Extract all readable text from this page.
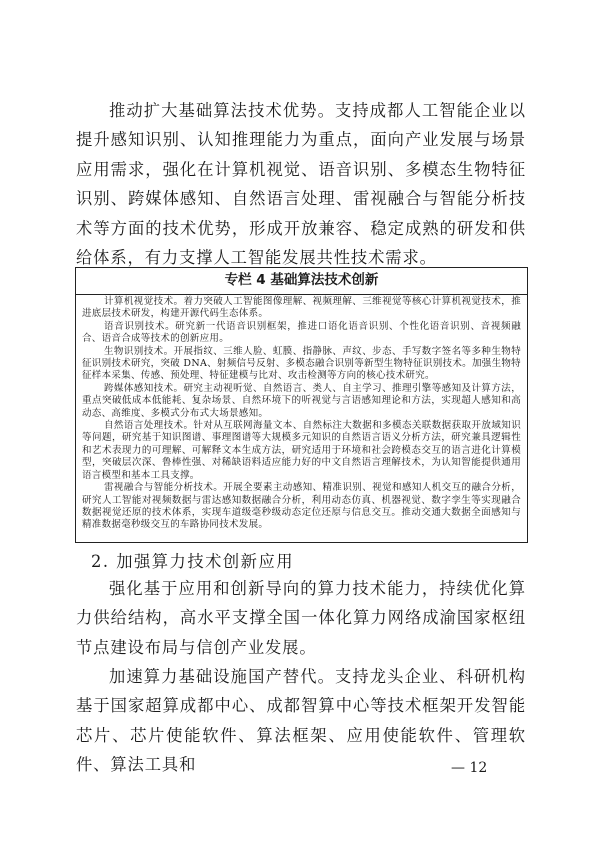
推动扩大基础算法技术优势。支持成都人工智能企业以提升感知识别、认知推理能力为重点，面向产业发展与场景应用需求，强化在计算机视觉、语音识别、多模态生物特征识别、跨媒体感知、自然语言处理、雷视融合与智能分析技术等方面的技术优势，形成开放兼容、稳定成熟的研发和供给体系，有力支撑人工智能发展共性技术需求。

专栏 4 基础算法技术创新

计算机视觉技术。着力突破人工智能图像理解、视频理解、三维视觉等核心计算机视觉技术，推进底层技术研发，构建开源代码生态体系。

语音识别技术。研究新一代语音识别框架，推进口语化语音识别、个性化语音识别、音视频融合、语音合成等技术的创新应用。

生物识别技术。开展指纹、三维人脸、虹膜、指静脉、声纹、步态、手写数字签名等多种生物特征识别技术研究，突破 DNA、射频信号反射、多模态融合识别等新型生物特征识别技术。加强生物特征样本采集、传感、预处理、特征建模与比对、攻击检测等方向的核心技术研究。

跨媒体感知技术。研究主动视听觉、自然语言、类人、自主学习、推理引擎等感知及计算方法，重点突破低成本低能耗、复杂场景、自然环境下的听视觉与言语感知理论和方法，实现超人感知和高动态、高维度、多模式分布式大场景感知。

自然语言处理技术。针对从互联网海量文本、自然标注大数据和多模态关联数据获取开放域知识等问题，研究基于知识图谱、事理图谱等大规模多元知识的自然语言语义分析方法，研究兼具逻辑性和艺术表现力的可理解、可解释文本生成方法，研究适用于环境和社会跨模态交互的语言进化计算模型，突破层次深、鲁棒性强、对稀缺语料适应能力好的中文自然语言理解技术，为认知智能提供通用语言模型和基本工具支撑。

雷视融合与智能分析技术。开展全要素主动感知、精准识别、视觉和感知人机交互的融合分析，研究人工智能对视频数据与雷达感知数据融合分析，利用动态仿真、机器视觉、数字孪生等实现融合数据视觉还原的技术体系，实现车道级毫秒级动态定位还原与信息交互。推动交通大数据全面感知与精准数据毫秒级交互的车路协同技术发展。

2. 加强算力技术创新应用

强化基于应用和创新导向的算力技术能力，持续优化算力供给结构，高水平支撑全国一体化算力网络成渝国家枢纽节点建设布局与信创产业发展。

加速算力基础设施国产替代。支持龙头企业、科研机构基于国家超算成都中心、成都智算中心等技术框架开发智能芯片、芯片使能软件、算法框架、应用使能软件、管理软件、算法工具和	— 12
